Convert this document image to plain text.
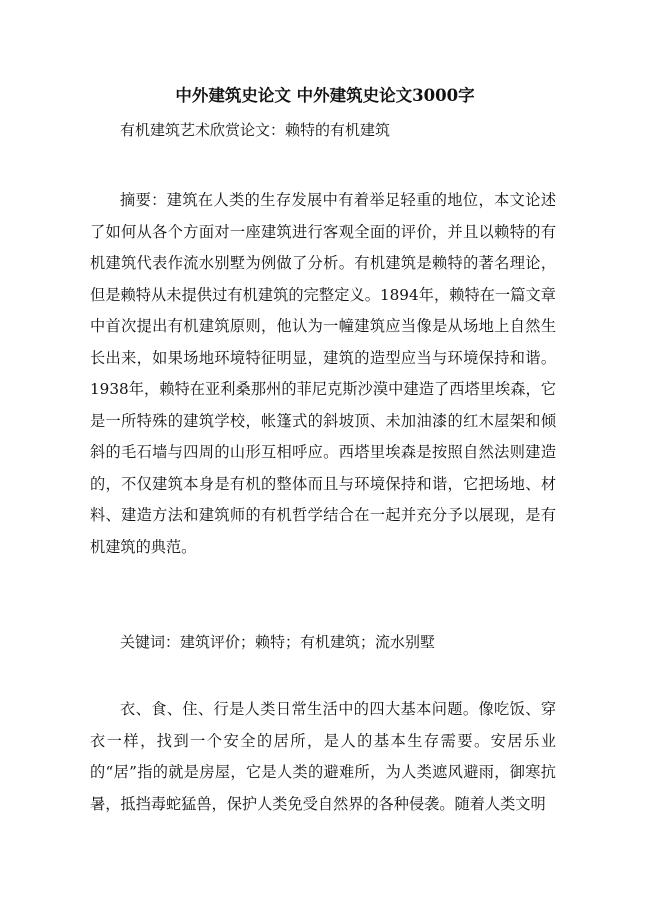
中外建筑史论文 中外建筑史论文3000字
有机建筑艺术欣赏论文：赖特的有机建筑

摘要：建筑在人类的生存发展中有着举足轻重的地位，本文论述了如何从各个方面对一座建筑进行客观全面的评价，并且以赖特的有机建筑代表作流水别墅为例做了分析。有机建筑是赖特的著名理论，但是赖特从未提供过有机建筑的完整定义。1894年，赖特在一篇文章中首次提出有机建筑原则，他认为一幢建筑应当像是从场地上自然生长出来，如果场地环境特征明显，建筑的造型应当与环境保持和谐。1938年，赖特在亚利桑那州的菲尼克斯沙漠中建造了西塔里埃森，它是一所特殊的建筑学校，帐篷式的斜坡顶、未加油漆的红木屋架和倾斜的毛石墙与四周的山形互相呼应。西塔里埃森是按照自然法则建造的，不仅建筑本身是有机的整体而且与环境保持和谐，它把场地、材料、建造方法和建筑师的有机哲学结合在一起并充分予以展现，是有机建筑的典范。

关键词：建筑评价；赖特；有机建筑；流水别墅

衣、食、住、行是人类日常生活中的四大基本问题。像吃饭、穿衣一样，找到一个安全的居所，是人的基本生存需要。安居乐业的“居”指的就是房屋，它是人类的避难所，为人类遮风避雨，御寒抗暑，抵挡毒蛇猛兽，保护人类免受自然界的各种侵袭。随着人类文明
